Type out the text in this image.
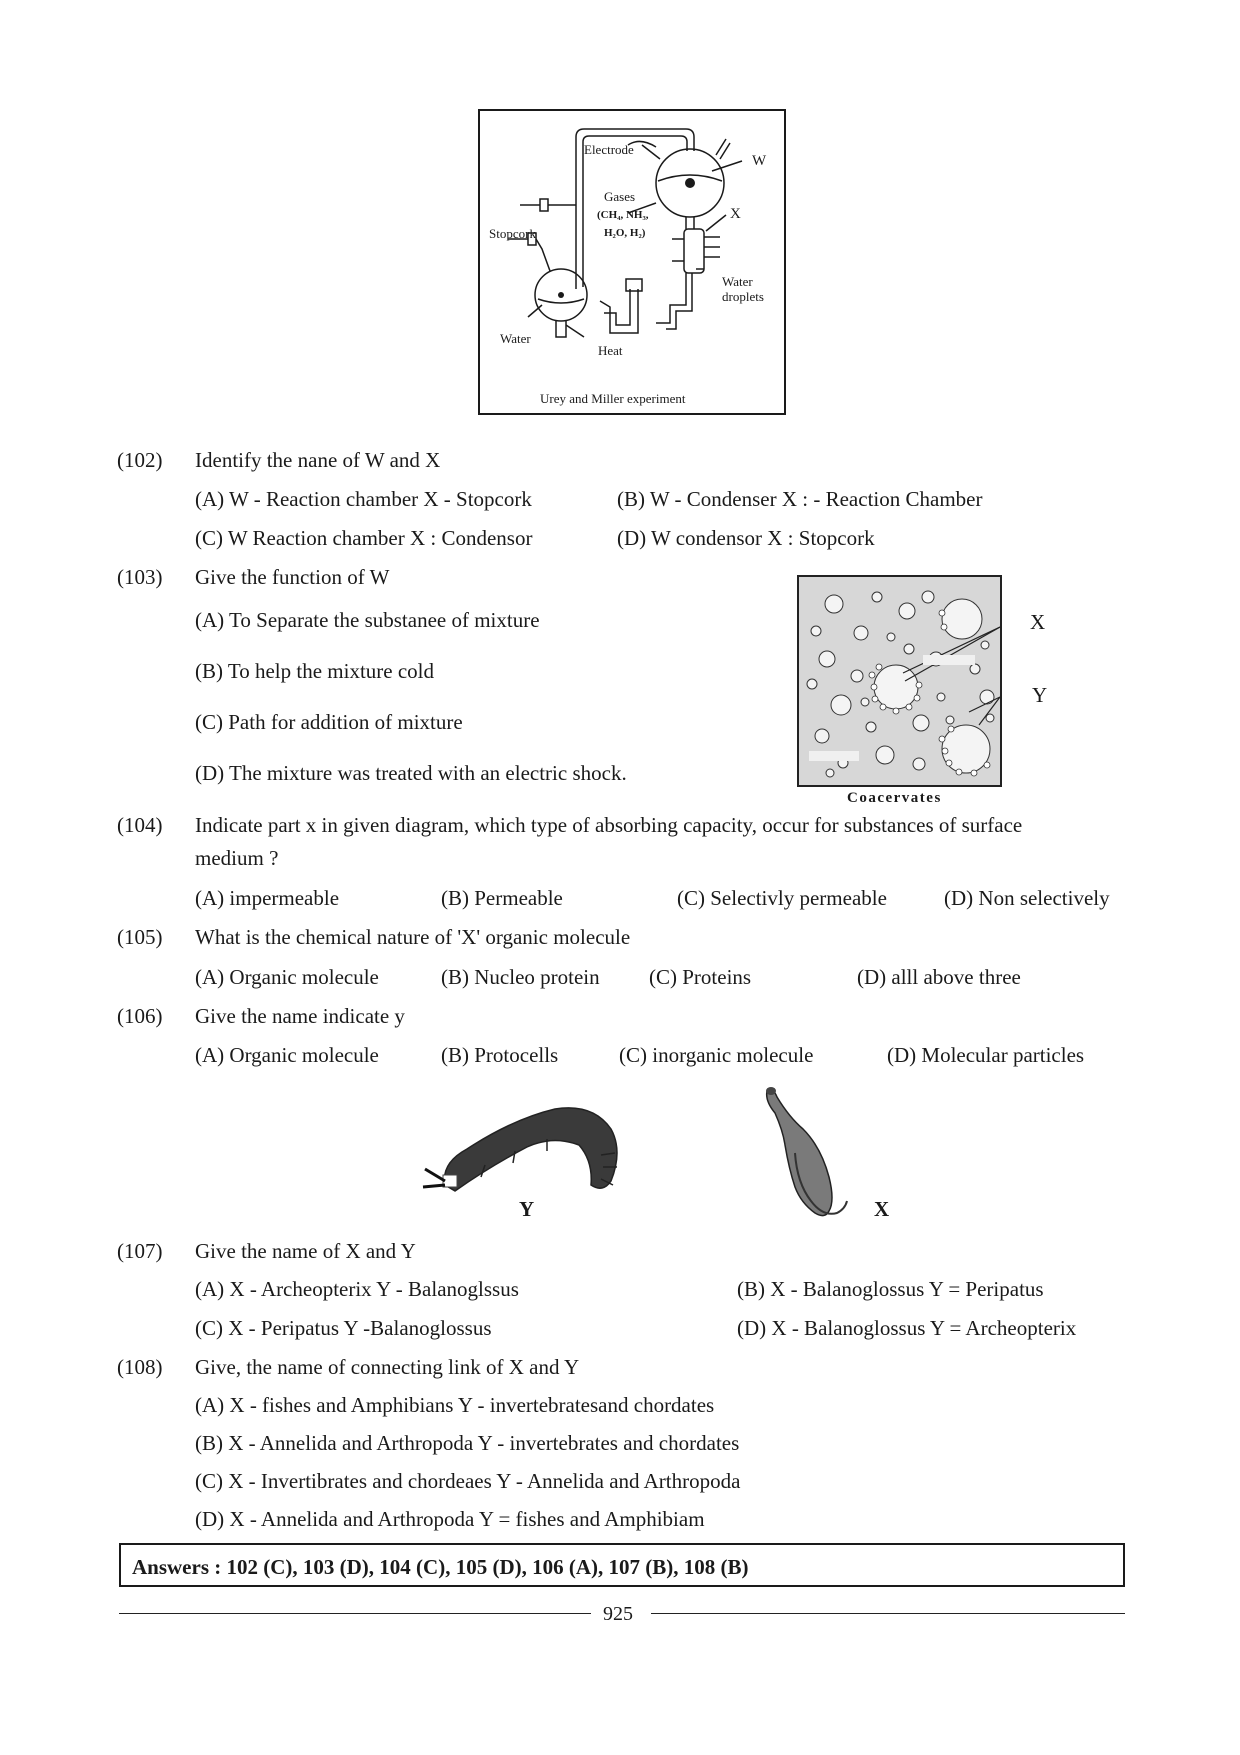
Electrode
W
Gases
(CH₄, NH₃,
H₂O, H₂)
X
Stopcork
Water
droplets
Water
Heat
Urey and Miller experiment
(102) Identify the nane of W and X
(A) W - Reaction chamber X - Stopcork	(B) W - Condenser X : - Reaction Chamber
(C) W Reaction chamber X : Condensor	(D) W condensor X : Stopcork
(103) Give the function of W
(A) To Separate the substanee of mixture
(B) To help the mixture cold
(C) Path for addition of mixture
(D) The mixture was treated with an electric shock.
X
Y
Coacervates
(104) Indicate part x in given diagram, which type of absorbing capacity, occur for substances of surface
medium ?
(A) impermeable	(B) Permeable	(C) Selectivly permeable	(D) Non selectively
(105) What is the chemical nature of 'X' organic molecule
(A) Organic molecule	(B) Nucleo protein (C) Proteins	(D) alll above three
(106) Give the name indicate y
(A) Organic molecule	(B) Protocells	(C) inorganic molecule	(D) Molecular particles
Y	X
(107) Give the name of X and Y
(A) X - Archeopterix Y - Balanoglssus	(B) X - Balanoglossus Y = Peripatus
(C) X - Peripatus Y -Balanoglossus	(D) X - Balanoglossus Y = Archeopterix
(108) Give, the name of connecting link of X and Y
(A) X - fishes and Amphibians Y - invertebratesand chordates
(B) X - Annelida and Arthropoda Y - invertebrates and chordates
(C) X - Invertibrates and chordeaes Y - Annelida and Arthropoda
(D) X - Annelida and Arthropoda Y = fishes and Amphibiam
Answers : 102 (C), 103 (D), 104 (C), 105 (D), 106 (A), 107 (B), 108 (B)
925
